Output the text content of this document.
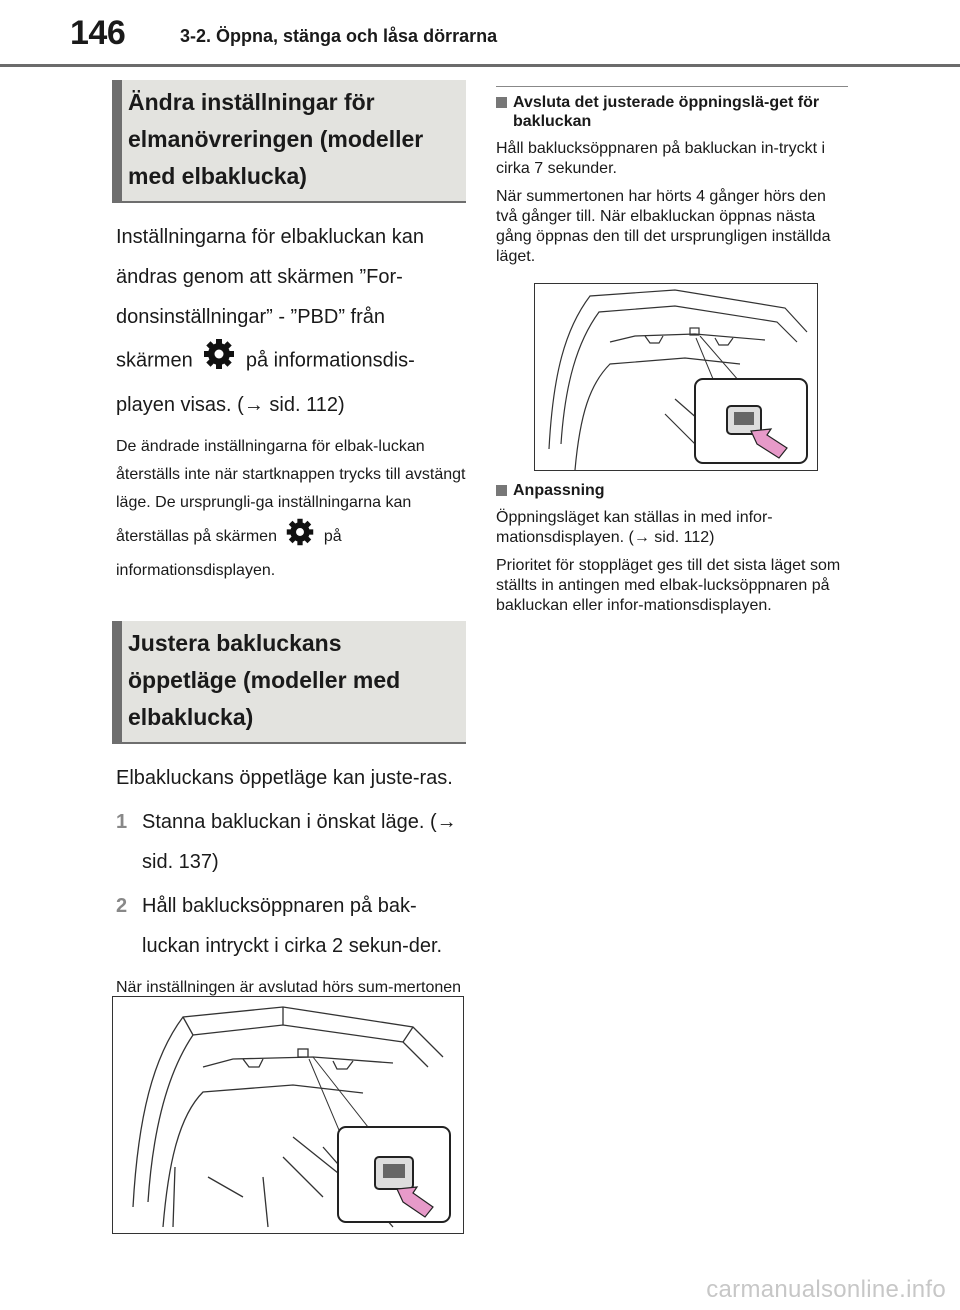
146	3-2. Öppna, stänga och låsa dörrarna
Ändra inställningar för elmanövreringen (modeller med elbaklucka)
Inställningarna för elbakluckan kan ändras genom att skärmen ”For-donsinställningar” - ”PBD” från skärmen	på informationsdis-playen visas. (→ sid. 112)
De ändrade inställningarna för elbak-luckan återställs inte när startknappen trycks till avstängt läge. De ursprungli-ga inställningarna kan återställas på skärmen	på informationsdisplayen.
Justera bakluckans öppetläge (modeller med elbaklucka)
Elbakluckans öppetläge kan juste-ras.
1 Stanna bakluckan i önskat läge. (→ sid. 137)
2 Håll baklucksöppnaren på bak-luckan intryckt i cirka 2 sekun-der.
När inställningen är avslutad hörs sum-mertonen
Avsluta det justerade öppningslä-get för bakluckan
Håll baklucksöppnaren på bakluckan in-tryckt i cirka 7 sekunder.
När summertonen har hörts 4 gånger hörs den två gånger till. När elbakluckan öppnas nästa gång öppnas den till det ursprungligen inställda läget.
Anpassning
Öppningsläget kan ställas in med infor-mationsdisplayen. (→ sid. 112)
Prioritet för stoppläget ges till det sista läget som ställts in antingen med elbak-lucksöppnaren på bakluckan eller infor-mationsdisplayen.
carmanualsonline.info
